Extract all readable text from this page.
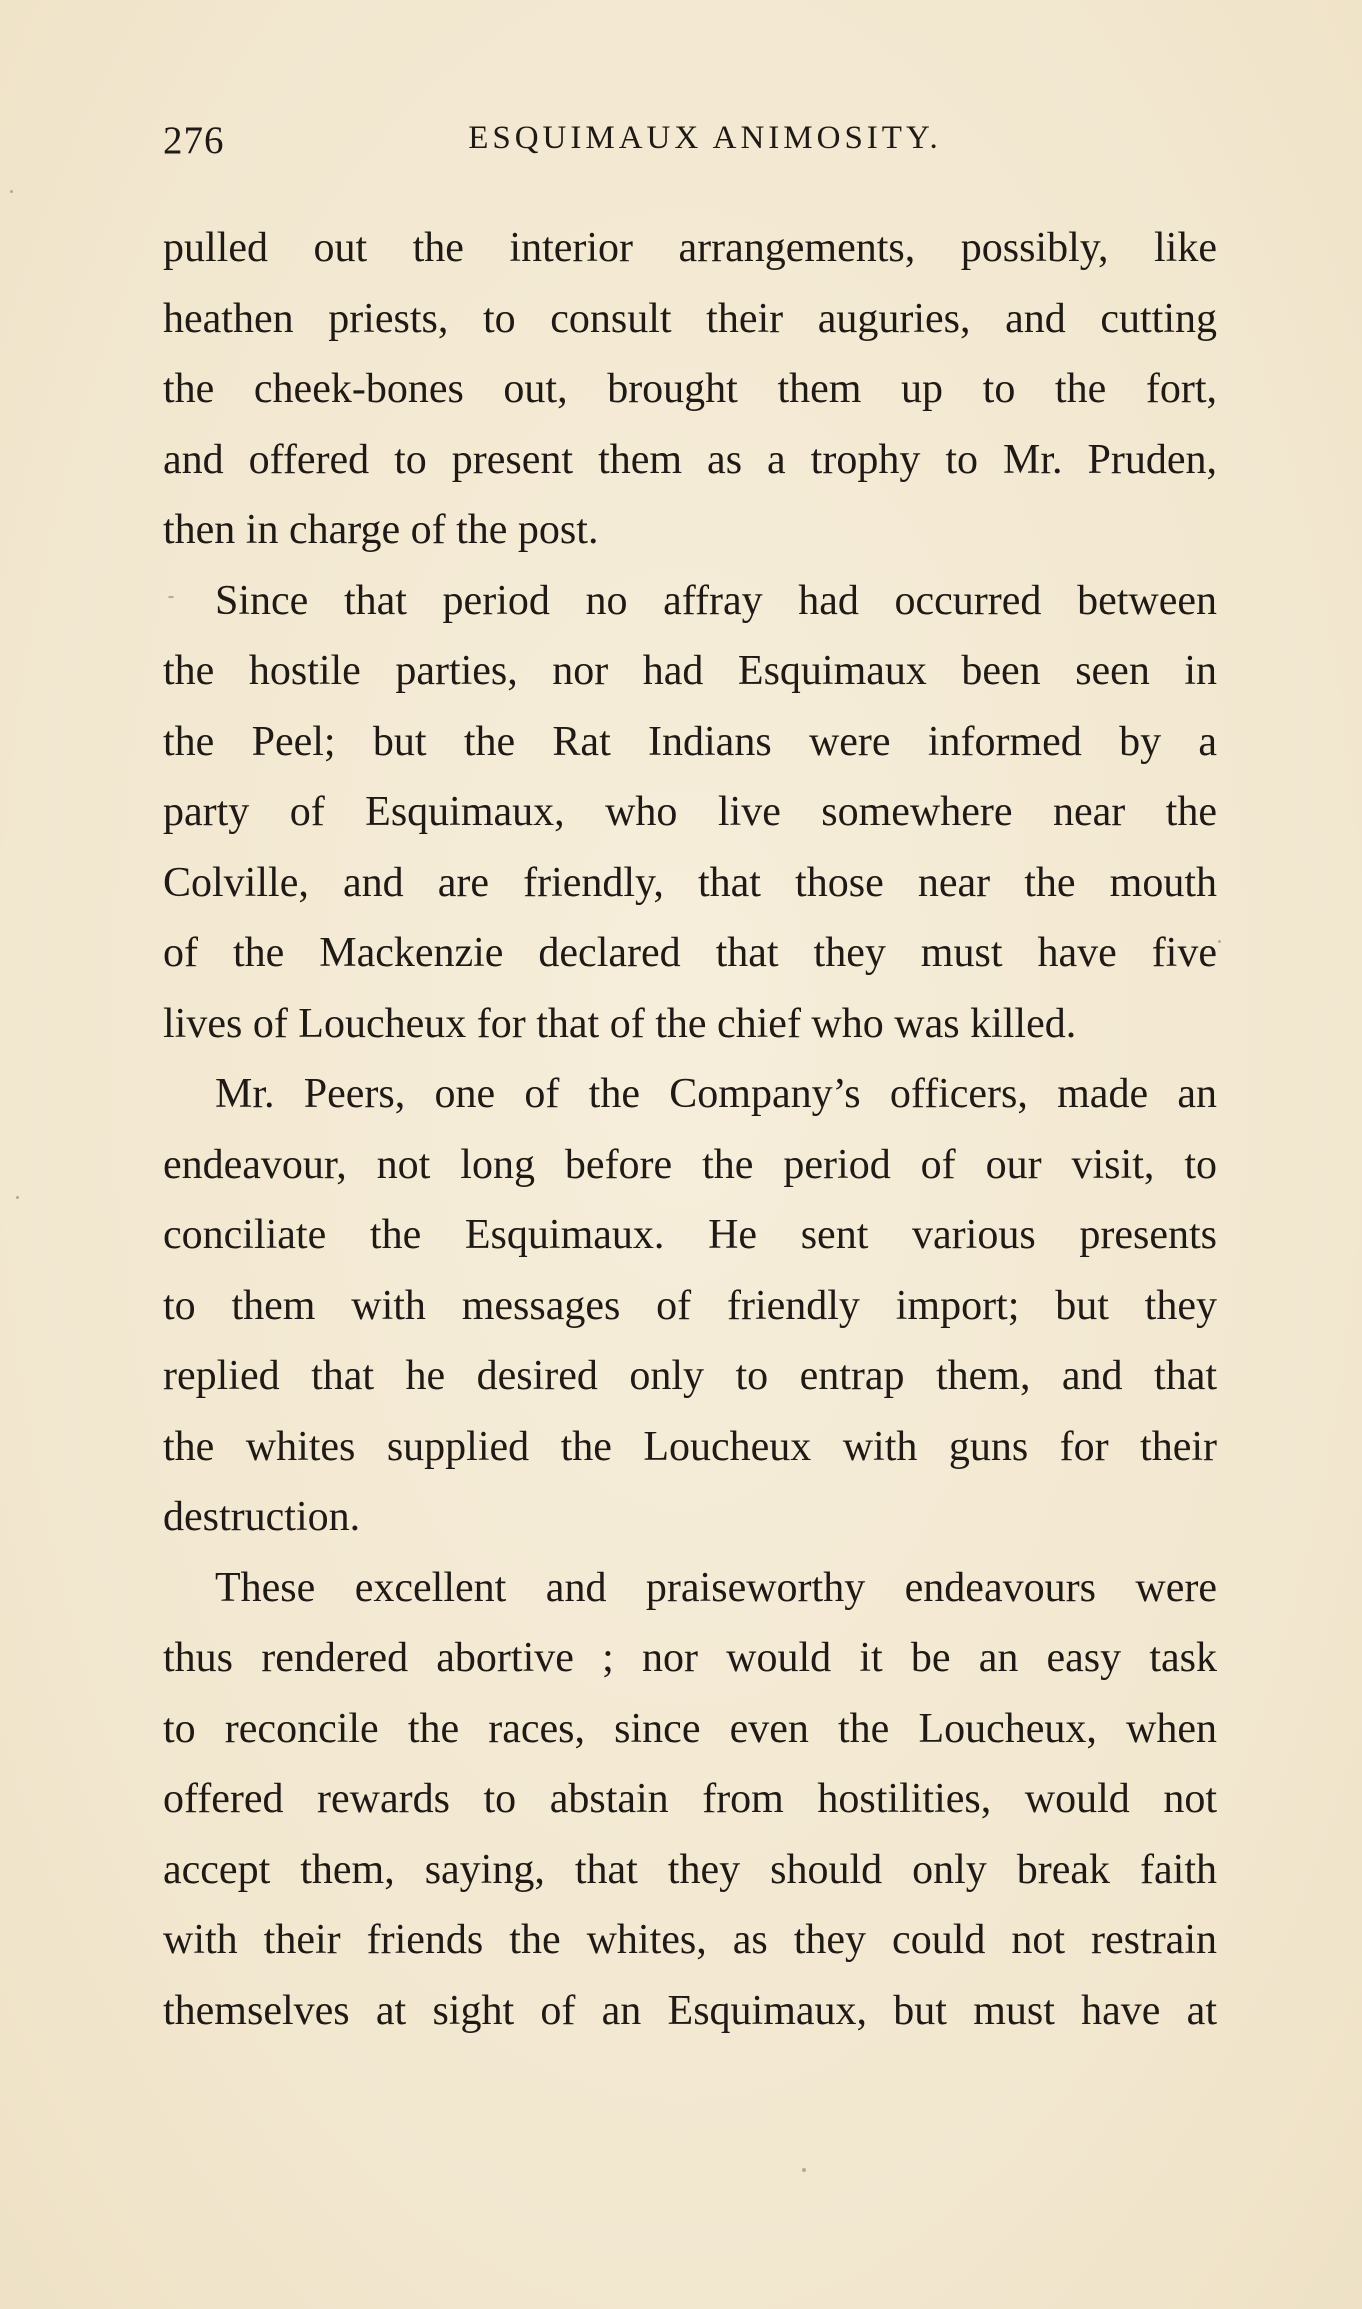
276	ESQUIMAUX ANIMOSITY.
pulled out the interior arrangements, possibly, like
heathen priests, to consult their auguries, and cutting
the cheek-bones out, brought them up to the fort,
and offered to present them as a trophy to Mr. Pruden,
then in charge of the post.
Since that period no affray had occurred between
the hostile parties, nor had Esquimaux been seen in
the Peel; but the Rat Indians were informed by a
party of Esquimaux, who live somewhere near the
Colville, and are friendly, that those near the mouth
of the Mackenzie declared that they must have five
lives of Loucheux for that of the chief who was killed.
Mr. Peers, one of the Company’s officers, made an
endeavour, not long before the period of our visit, to
conciliate the Esquimaux. He sent various presents
to them with messages of friendly import; but they
replied that he desired only to entrap them, and that
the whites supplied the Loucheux with guns for their
destruction.
These excellent and praiseworthy endeavours were
thus rendered abortive ; nor would it be an easy task
to reconcile the races, since even the Loucheux, when
offered rewards to abstain from hostilities, would not
accept them, saying, that they should only break faith
with their friends the whites, as they could not restrain
themselves at sight of an Esquimaux, but must have at
